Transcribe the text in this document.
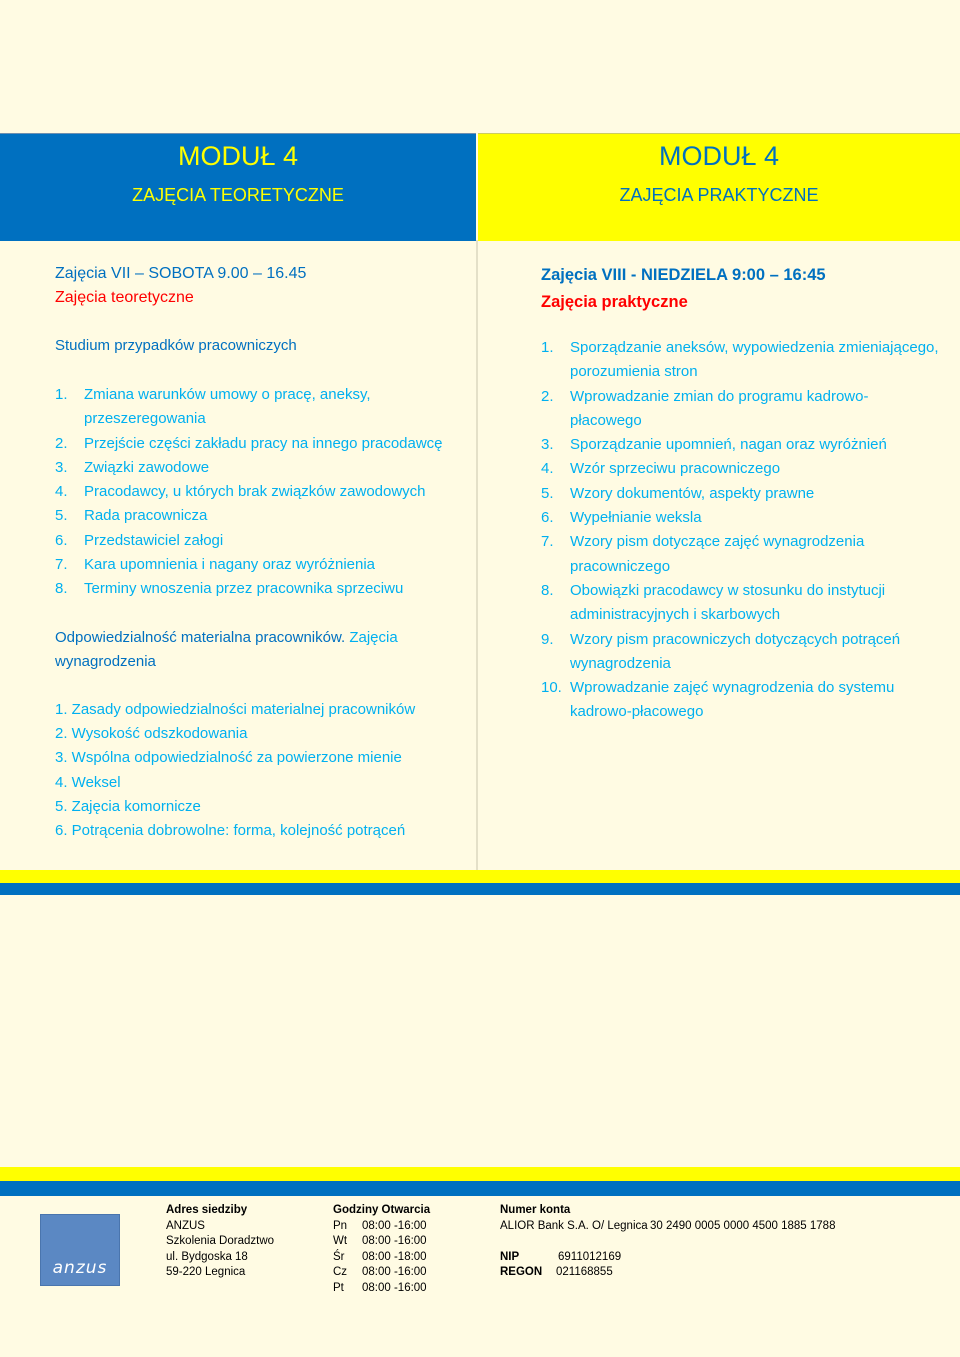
MODUŁ 4
ZAJĘCIA TEORETYCZNE
MODUŁ 4
ZAJĘCIA PRAKTYCZNE
Zajęcia VII – SOBOTA 9.00 – 16.45
Zajęcia teoretyczne
Studium przypadków pracowniczych
1. Zmiana warunków umowy o pracę, aneksy,
przeszeregowania
2. Przejście części zakładu pracy na innego pracodawcę
3. Związki zawodowe
4. Pracodawcy, u których brak związków zawodowych
5. Rada pracownicza
6. Przedstawiciel załogi
7. Kara upomnienia i nagany oraz wyróżnienia
8. Terminy wnoszenia przez pracownika sprzeciwu
Odpowiedzialność materialna pracowników. Zajęcia
wynagrodzenia
1. Zasady odpowiedzialności materialnej pracowników
2. Wysokość odszkodowania
3. Wspólna odpowiedzialność za powierzone mienie
4. Weksel
5. Zajęcia komornicze
6. Potrącenia dobrowolne: forma, kolejność potrąceń
Zajęcia VIII - NIEDZIELA 9:00 – 16:45
Zajęcia praktyczne
1. Sporządzanie aneksów, wypowiedzenia zmieniającego,
porozumienia stron
2. Wprowadzanie zmian do programu kadrowo-
płacowego
3. Sporządzanie upomnień, nagan oraz wyróżnień
4. Wzór sprzeciwu pracowniczego
5. Wzory dokumentów, aspekty prawne
6. Wypełnianie weksla
7. Wzory pism dotyczące zajęć wynagrodzenia
pracowniczego
8. Obowiązki pracodawcy w stosunku do instytucji
administracyjnych i skarbowych
9. Wzory pism pracowniczych dotyczących potrąceń
wynagrodzenia
10. Wprowadzanie zajęć wynagrodzenia do systemu
kadrowo-płacowego
anzus
Adres siedziby
ANZUS
Szkolenia Doradztwo
ul. Bydgoska 18
59-220 Legnica
Godziny Otwarcia
Pn	08:00 -16:00
Wt	08:00 -16:00
Śr	08:00 -18:00
Cz	08:00 -16:00
Pt	08:00 -16:00
Numer konta
ALIOR Bank S.A. O/ Legnica 30 2490 0005 0000 4500 1885 1788
NIP	6911012169
REGON	021168855
